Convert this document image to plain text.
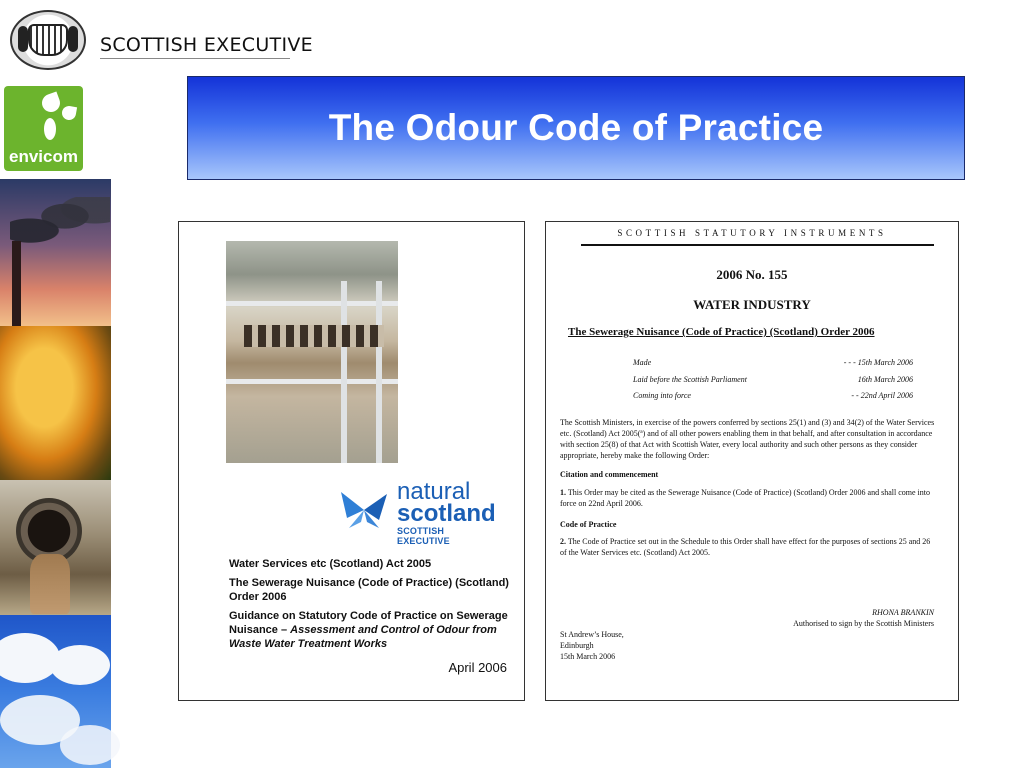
SCOTTISH EXECUTIVE
envicom
The Odour Code of Practice
natural
scotland
SCOTTISH EXECUTIVE
Water Services etc (Scotland) Act 2005
The Sewerage Nuisance (Code of Practice) (Scotland) Order 2006
Guidance on Statutory Code of Practice on Sewerage Nuisance – Assessment and Control of Odour from Waste Water Treatment Works
April 2006
SCOTTISH STATUTORY INSTRUMENTS
2006 No. 155
WATER INDUSTRY
The Sewerage Nuisance (Code of Practice) (Scotland) Order 2006
Made	- - - 15th March 2006
Laid before the Scottish Parliament	16th March 2006
Coming into force	- - 22nd April 2006
The Scottish Ministers, in exercise of the powers conferred by sections 25(1) and (3) and 34(2) of the Water Services etc. (Scotland) Act 2005(ª) and of all other powers enabling them in that behalf, and after consultation in accordance with section 25(8) of that Act with Scottish Water, every local authority and such other persons as they consider appropriate, hereby make the following Order:
Citation and commencement
1. This Order may be cited as the Sewerage Nuisance (Code of Practice) (Scotland) Order 2006 and shall come into force on 22nd April 2006.
Code of Practice
2. The Code of Practice set out in the Schedule to this Order shall have effect for the purposes of sections 25 and 26 of the Water Services etc. (Scotland) Act 2005.
RHONA BRANKIN
Authorised to sign by the Scottish Ministers
St Andrew’s House,
Edinburgh
15th March 2006
